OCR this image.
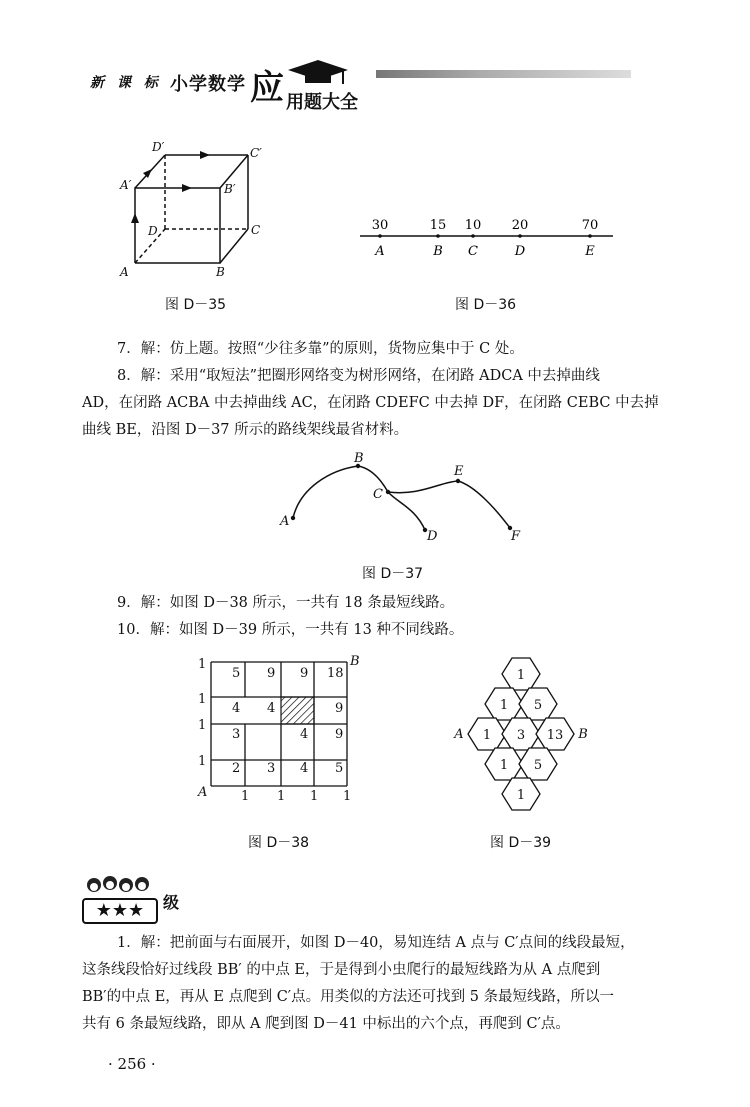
新 课 标 小学数学 应 用题大全
A	B
C
D
A′	B′
C′
D′
图 D－35
30
A
15
B
10
C
20
D
70
E
图 D－36

7．解：仿上题。按照“少往多靠”的原则，货物应集中于 C 处。

8．解：采用“取短法”把圈形网络变为树形网络，在闭路 ADCA 中去掉曲线

AD，在闭路 ACBA 中去掉曲线 AC，在闭路 CDEFC 中去掉 DF，在闭路 CEBC 中去掉

曲线 BE，沿图 D－37 所示的路线架线最省材料。

A
B
C
D
E
F
图 D－37

9．解：如图 D－38 所示，一共有 18 条最短线路。

10．解：如图 D－39 所示，一共有 13 种不同线路。

5 9 9 18
4 4	9
3	4 9
2 3 4 5
1
1
1
1
1 1 1 1
A
B
图 D－38
1
1 5
1 3 13
1 5
1
A	B
图 D－39
★★★	级

1．解：把前面与右面展开，如图 D－40，易知连结 A 点与 C′点间的线段最短，

这条线段恰好过线段 BB′ 的中点 E，于是得到小虫爬行的最短线路为从 A 点爬到

BB′的中点 E，再从 E 点爬到 C′点。用类似的方法还可找到 5 条最短线路，所以一

共有 6 条最短线路，即从 A 爬到图 D－41 中标出的六个点，再爬到 C′点。

· 256 ·
